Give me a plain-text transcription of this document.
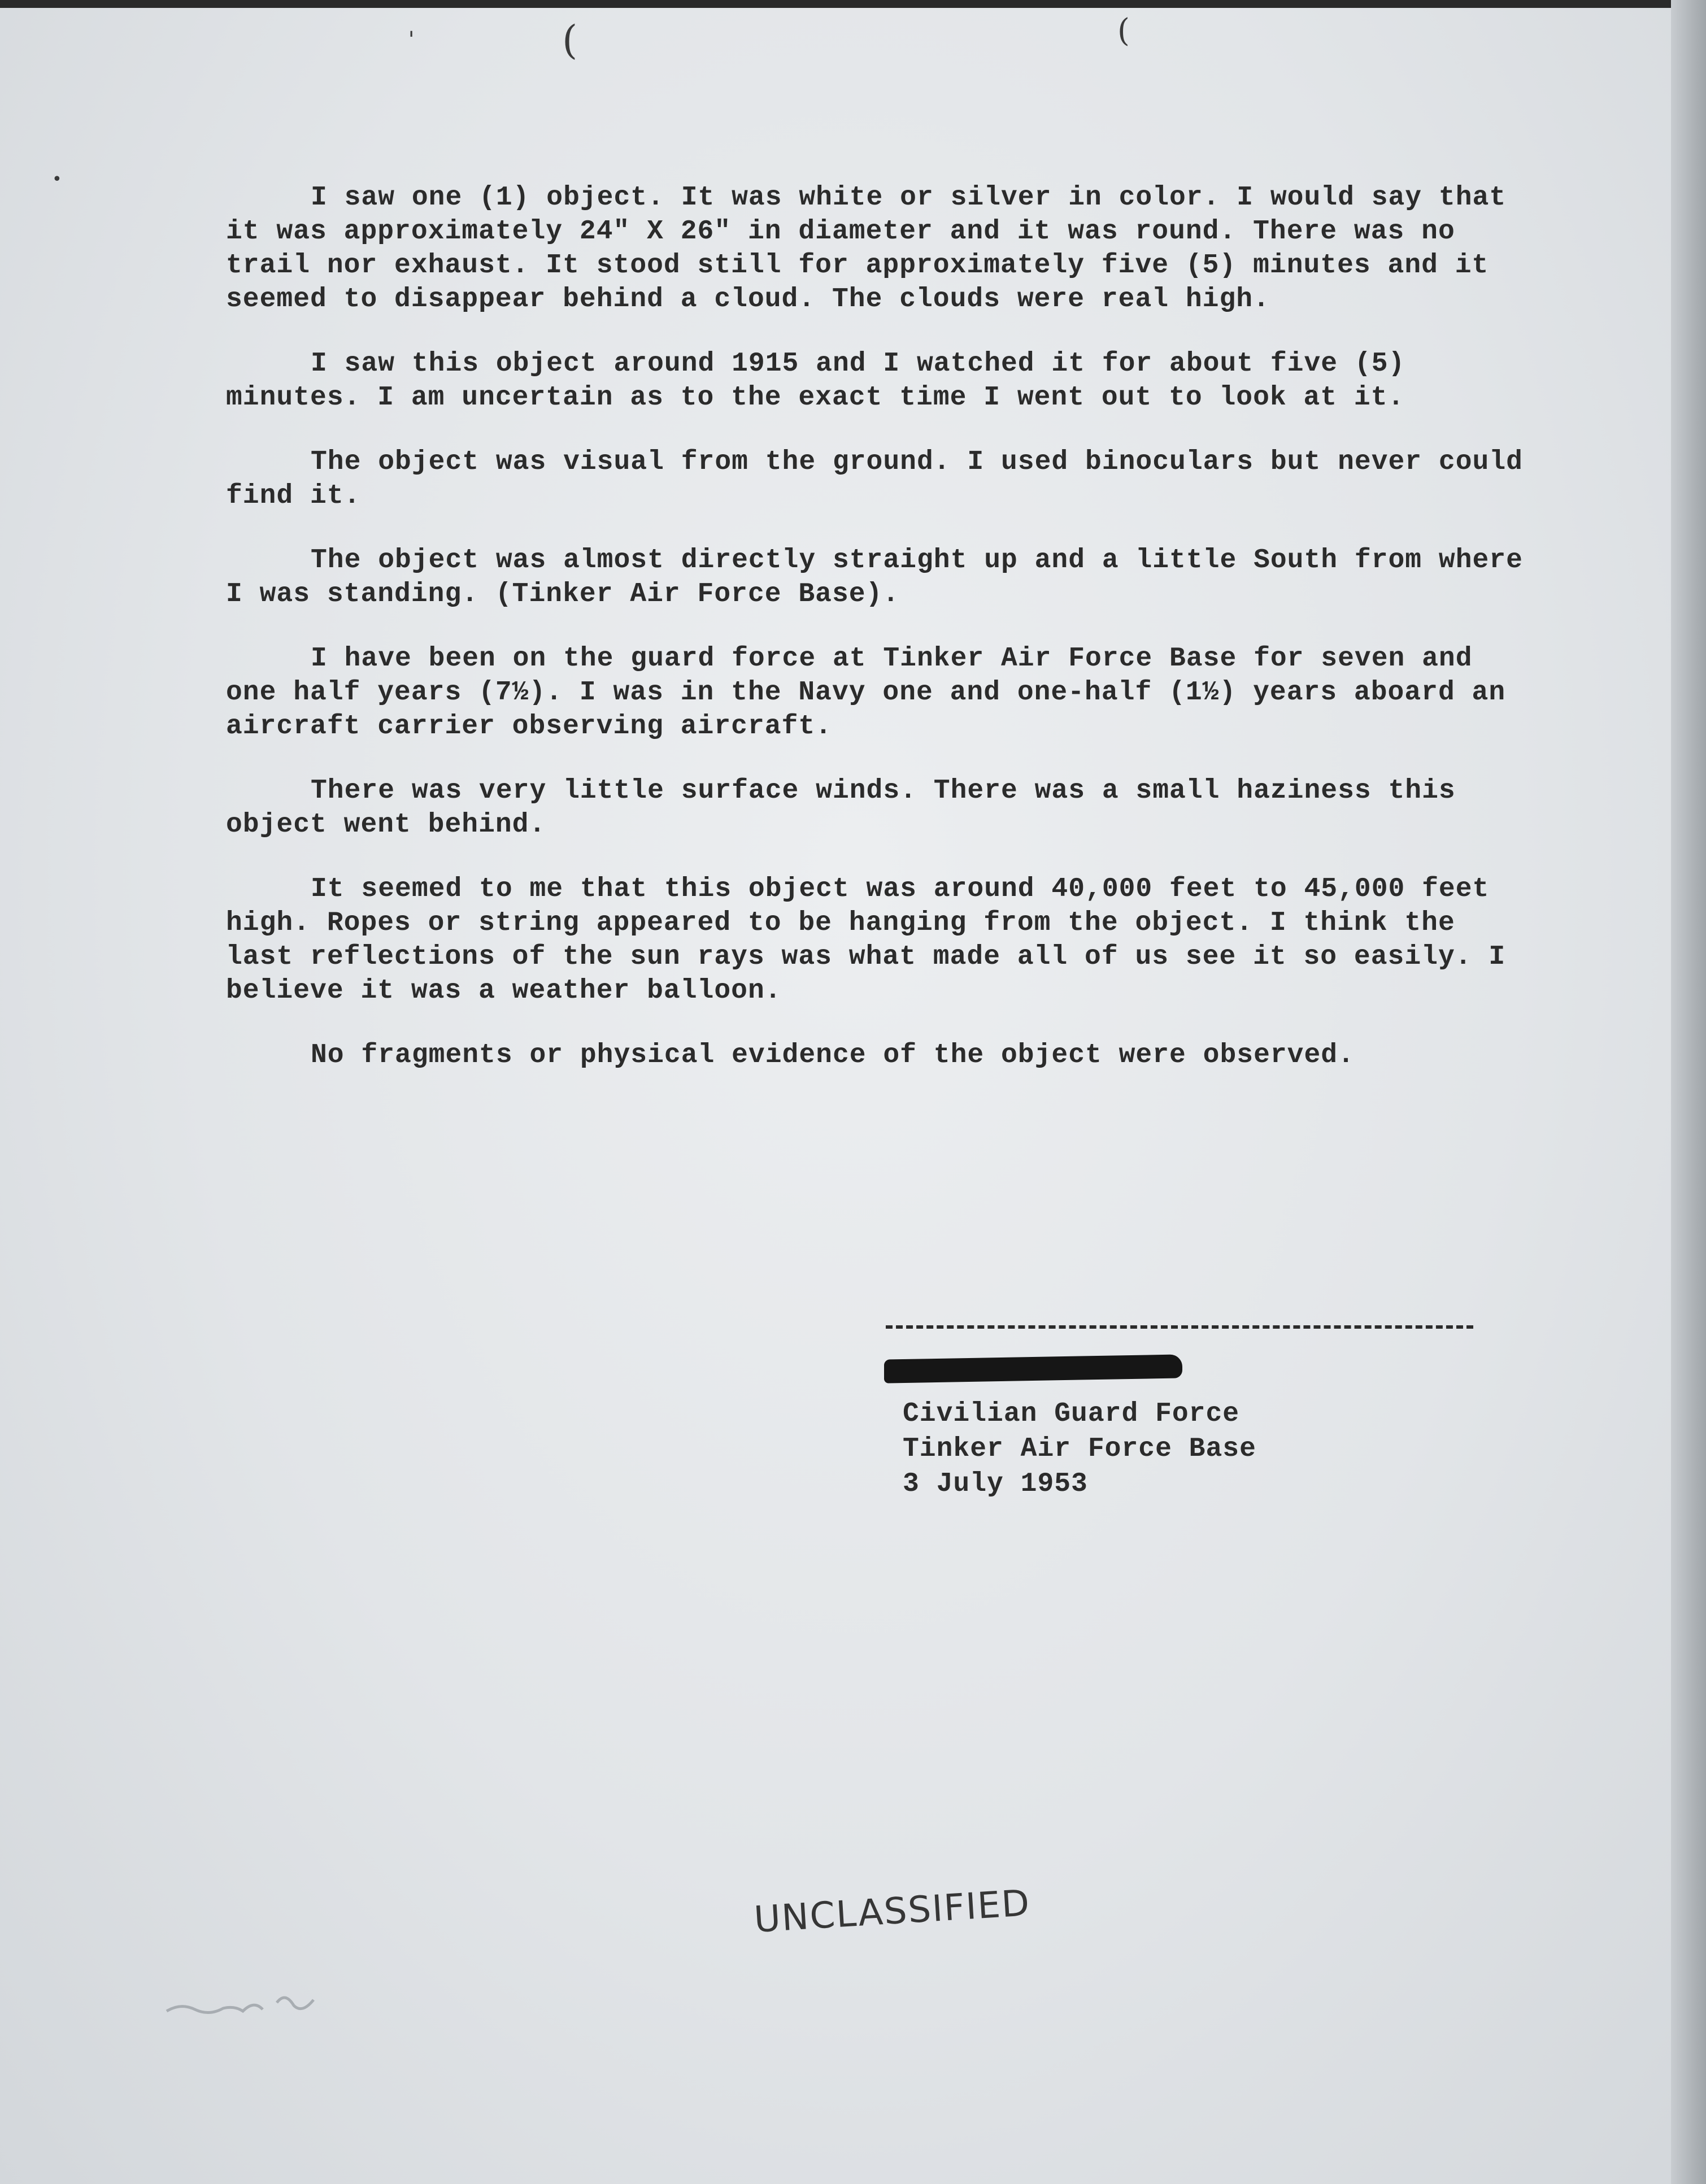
(	(
ˈ
•

I saw one (1) object. It was white or silver in color. I would say that it was approximately 24" X 26" in diameter and it was round. There was no trail nor exhaust. It stood still for approximately five (5) minutes and it seemed to disappear behind a cloud. The clouds were real high.

I saw this object around 1915 and I watched it for about five (5) minutes. I am uncertain as to the exact time I went out to look at it.

The object was visual from the ground. I used binoculars but never could find it.

The object was almost directly straight up and a little South from where I was standing. (Tinker Air Force Base).

I have been on the guard force at Tinker Air Force Base for seven and one half years (7½). I was in the Navy one and one-half (1½) years aboard an aircraft carrier observing aircraft.

There was very little surface winds. There was a small haziness this object went behind.

It seemed to me that this object was around 40,000 feet to 45,000 feet high. Ropes or string appeared to be hanging from the object. I think the last reflections of the sun rays was what made all of us see it so easily. I believe it was a weather balloon.

No fragments or physical evidence of the object were observed.

Civilian Guard Force
Tinker Air Force Base
3 July 1953
UNCLASSIFIED
